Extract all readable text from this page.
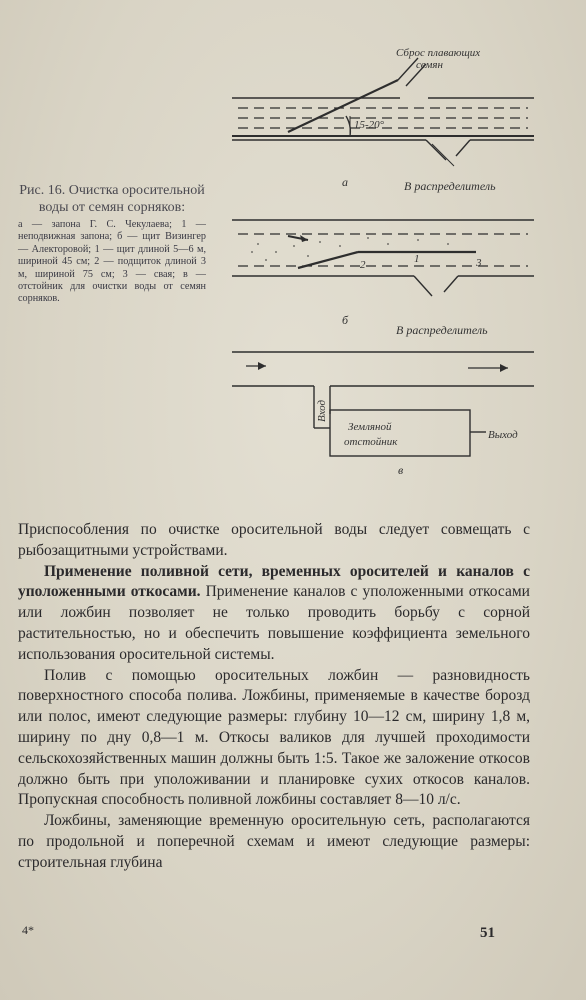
Рис. 16. Очистка оросительной воды от семян сорняков:
а — запона Г. С. Чекулаева; 1 — неподвижная запона; б — щит Визингер — Алекторовой; 1 — щит длиной 5—6 м, шириной 45 см; 2 — подщиток длиной 3 м, шириной 75 см; 3 — свая; в — отстойник для очистки воды от семян сорняков.
Сброс плавающих
семян
15-20°
а	В распределитель
2	1	3
б
В распределитель
Вход
Земляной
отстойник
Выход
в

Приспособления по очистке оросительной воды следует совмещать с рыбозащитными устройствами.

Применение поливной сети, временных оросителей и каналов с уположенными откосами. Применение каналов с уположенными откосами или ложбин позволяет не только проводить борьбу с сорной растительностью, но и обеспечить повышение коэффициента земельного использования оросительной системы.

Полив с помощью оросительных ложбин — разновидность поверхностного способа полива. Ложбины, применяемые в качестве борозд или полос, имеют следующие размеры: глубину 10—12 см, ширину 1,8 м, ширину по дну 0,8—1 м. Откосы валиков для лучшей проходимости сельскохозяйственных машин должны быть 1:5. Такое же заложение откосов должно быть при уположивании и планировке сухих откосов каналов. Пропускная способность поливной ложбины составляет 8—10 л/с.

Ложбины, заменяющие временную оросительную сеть, располагаются по продольной и поперечной схемам и имеют следующие размеры: строительная глубина

4*	51
